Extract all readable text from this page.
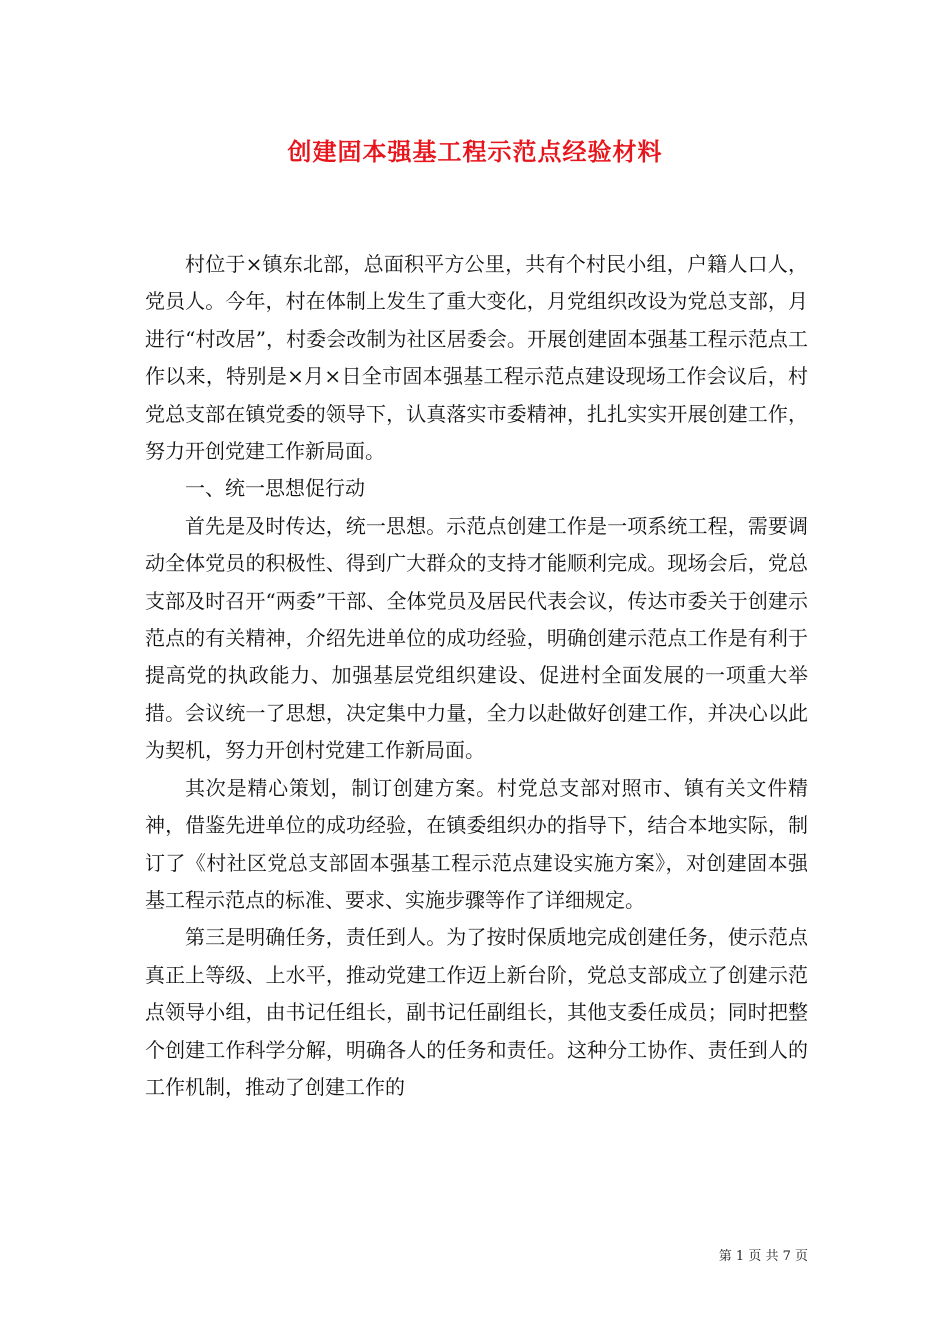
创建固本强基工程示范点经验材料

村位于×镇东北部，总面积平方公里，共有个村民小组，户籍人口人，党员人。今年，村在体制上发生了重大变化，月党组织改设为党总支部，月进行“村改居”，村委会改制为社区居委会。开展创建固本强基工程示范点工作以来，特别是×月×日全市固本强基工程示范点建设现场工作会议后，村党总支部在镇党委的领导下，认真落实市委精神，扎扎实实开展创建工作，努力开创党建工作新局面。

一、统一思想促行动

首先是及时传达，统一思想。示范点创建工作是一项系统工程，需要调动全体党员的积极性、得到广大群众的支持才能顺利完成。现场会后，党总支部及时召开“两委”干部、全体党员及居民代表会议，传达市委关于创建示范点的有关精神，介绍先进单位的成功经验，明确创建示范点工作是有利于提高党的执政能力、加强基层党组织建设、促进村全面发展的一项重大举措。会议统一了思想，决定集中力量，全力以赴做好创建工作，并决心以此为契机，努力开创村党建工作新局面。

其次是精心策划，制订创建方案。村党总支部对照市、镇有关文件精神，借鉴先进单位的成功经验，在镇委组织办的指导下，结合本地实际，制订了《村社区党总支部固本强基工程示范点建设实施方案》，对创建固本强基工程示范点的标准、要求、实施步骤等作了详细规定。

第三是明确任务，责任到人。为了按时保质地完成创建任务，使示范点真正上等级、上水平，推动党建工作迈上新台阶，党总支部成立了创建示范点领导小组，由书记任组长，副书记任副组长，其他支委任成员；同时把整个创建工作科学分解，明确各人的任务和责任。这种分工协作、责任到人的工作机制，推动了创建工作的

第 1 页 共 7 页
